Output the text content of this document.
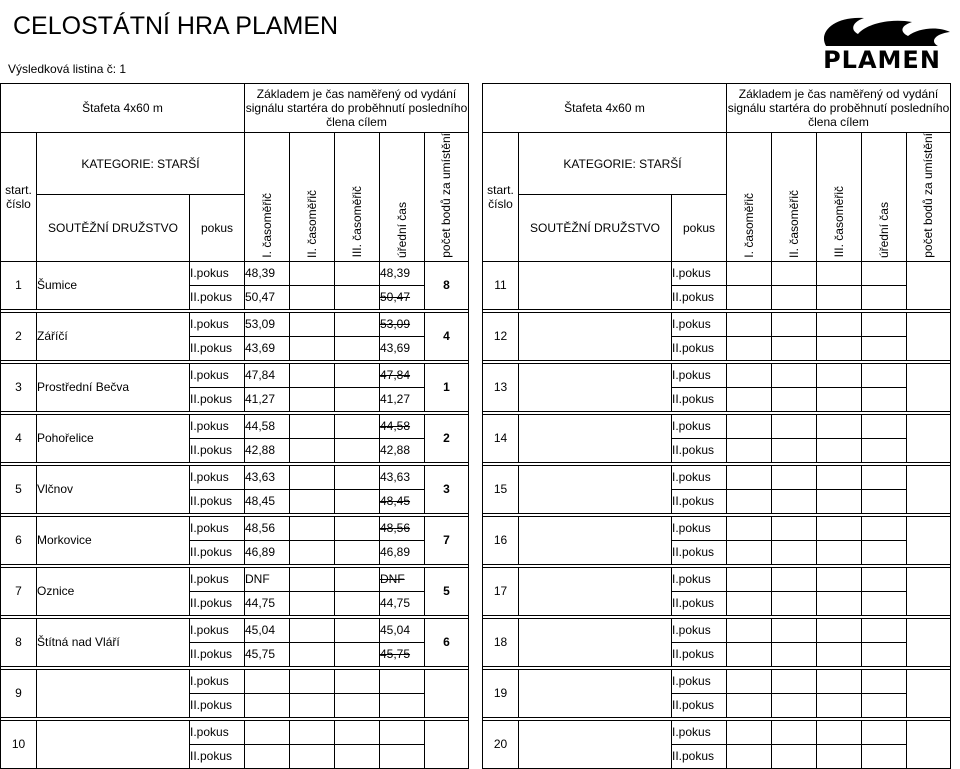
CELOSTÁTNÍ HRA PLAMEN
Výsledková listina č: 1	PLAMEN
Štafeta 4x60 m			Základem je čas naměřený od vydání signálu startéra do proběhnutí posledního člena cílem				
start. číslo	KATEGORIE: STARŠÍ		I. časoměřič	II. časoměřič	III. časoměřič	úřední čas	počet bodů za umístění
	SOUTĚŽNÍ DRUŽSTVO	pokus					
1	Šumice	I.pokus	48,39			48,39	8
		II.pokus	50,47			50,47	

2	Záříčí	I.pokus	53,09			53,09	4
		II.pokus	43,69			43,69	

3	Prostřední Bečva	I.pokus	47,84			47,84	1
		II.pokus	41,27			41,27	

4	Pohořelice	I.pokus	44,58			44,58	2
		II.pokus	42,88			42,88	

5	Vlčnov	I.pokus	43,63			43,63	3
		II.pokus	48,45			48,45	

6	Morkovice	I.pokus	48,56			48,56	7
		II.pokus	46,89			46,89	

7	Oznice	I.pokus	DNF			DNF	5
		II.pokus	44,75			44,75	

8	Štítná nad Vláří	I.pokus	45,04			45,04	6
		II.pokus	45,75			45,75	

9		I.pokus					
		II.pokus					

10		I.pokus					
		II.pokus					
Štafeta 4x60 m			Základem je čas naměřený od vydání signálu startéra do proběhnutí posledního člena cílem				
start. číslo	KATEGORIE: STARŠÍ		I. časoměřič	II. časoměřič	III. časoměřič	úřední čas	počet bodů za umístění
	SOUTĚŽNÍ DRUŽSTVO	pokus					
11		I.pokus					
		II.pokus					

12		I.pokus					
		II.pokus					

13		I.pokus					
		II.pokus					

14		I.pokus					
		II.pokus					

15		I.pokus					
		II.pokus					

16		I.pokus					
		II.pokus					

17		I.pokus					
		II.pokus					

18		I.pokus					
		II.pokus					

19		I.pokus					
		II.pokus					

20		I.pokus					
		II.pokus					
